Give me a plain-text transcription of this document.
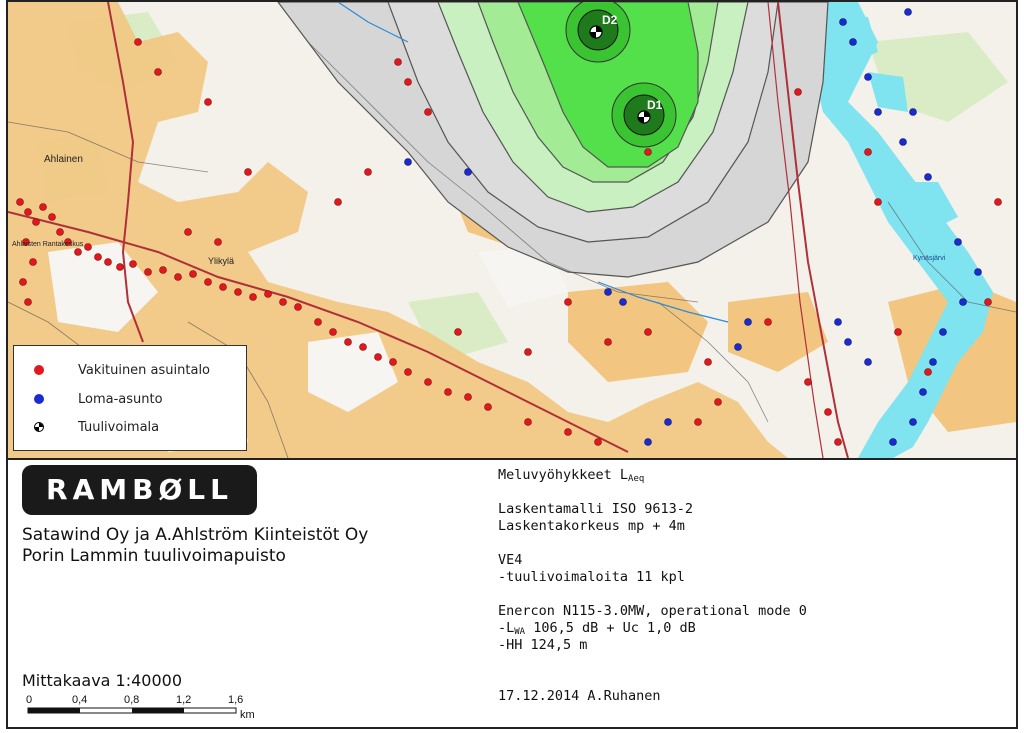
D2
D1
Ahlainen
Ylikylä
Ahlaisten Rantakeskus
Kynäsjärvi
Vakituinen asuintalo
Loma-asunto
Tuulivoimala
RAMBØLL
Satawind Oy ja A.Ahlström Kiinteistöt Oy
Porin Lammin tuulivoimapuisto
Mittakaava 1:40000
0	0,4	0,8	1,2	1,6
km
Meluvyöhykkeet $L_{Aeq}$
Laskentamalli ISO 9613-2
Laskentakorkeus mp + 4m
VE4
-tuulivoimaloita 11 kpl
Enercon N115-3.0MW, operational mode 0
$-L_{WA}$ 106,5 dB + Uc 1,0 dB
-HH 124,5 m
17.12.2014 A.Ruhanen
